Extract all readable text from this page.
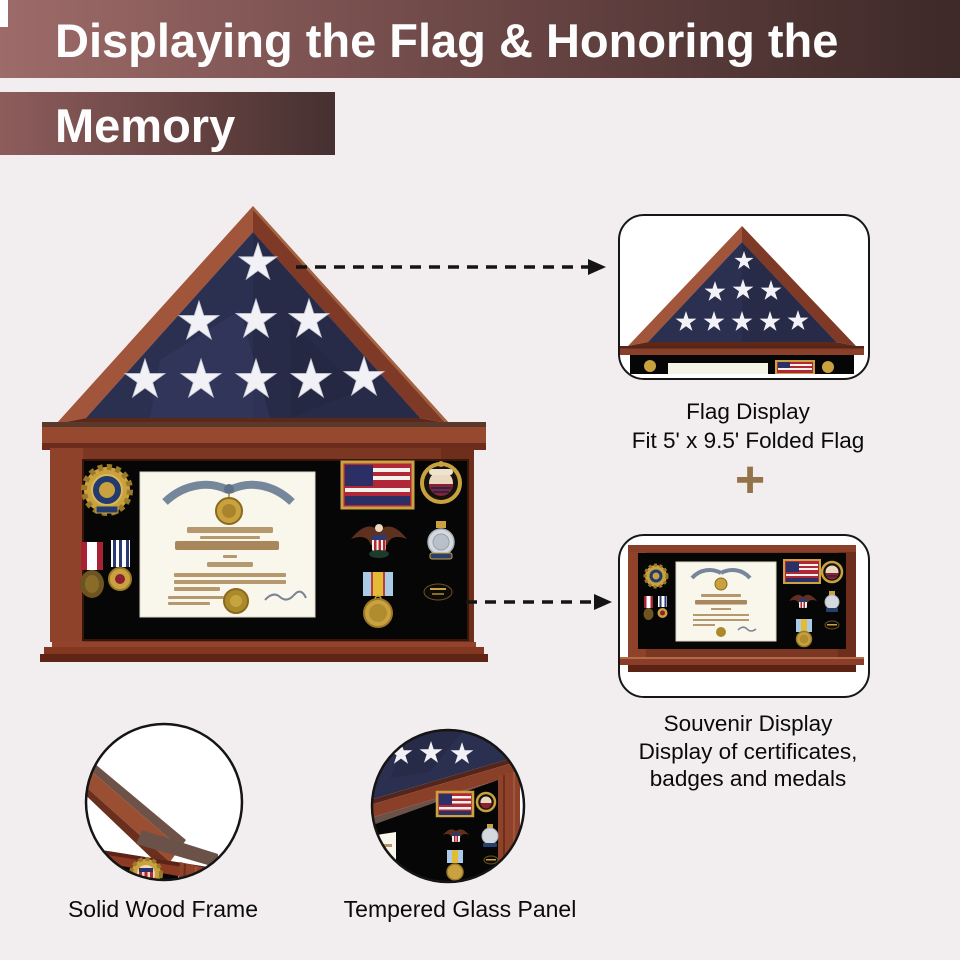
Displaying the Flag & Honoring the
Memory
Flag Display
Fit 5' x 9.5' Folded Flag
+
Souvenir Display
Display of certificates,
badges and medals
Solid Wood Frame	Tempered Glass Panel
